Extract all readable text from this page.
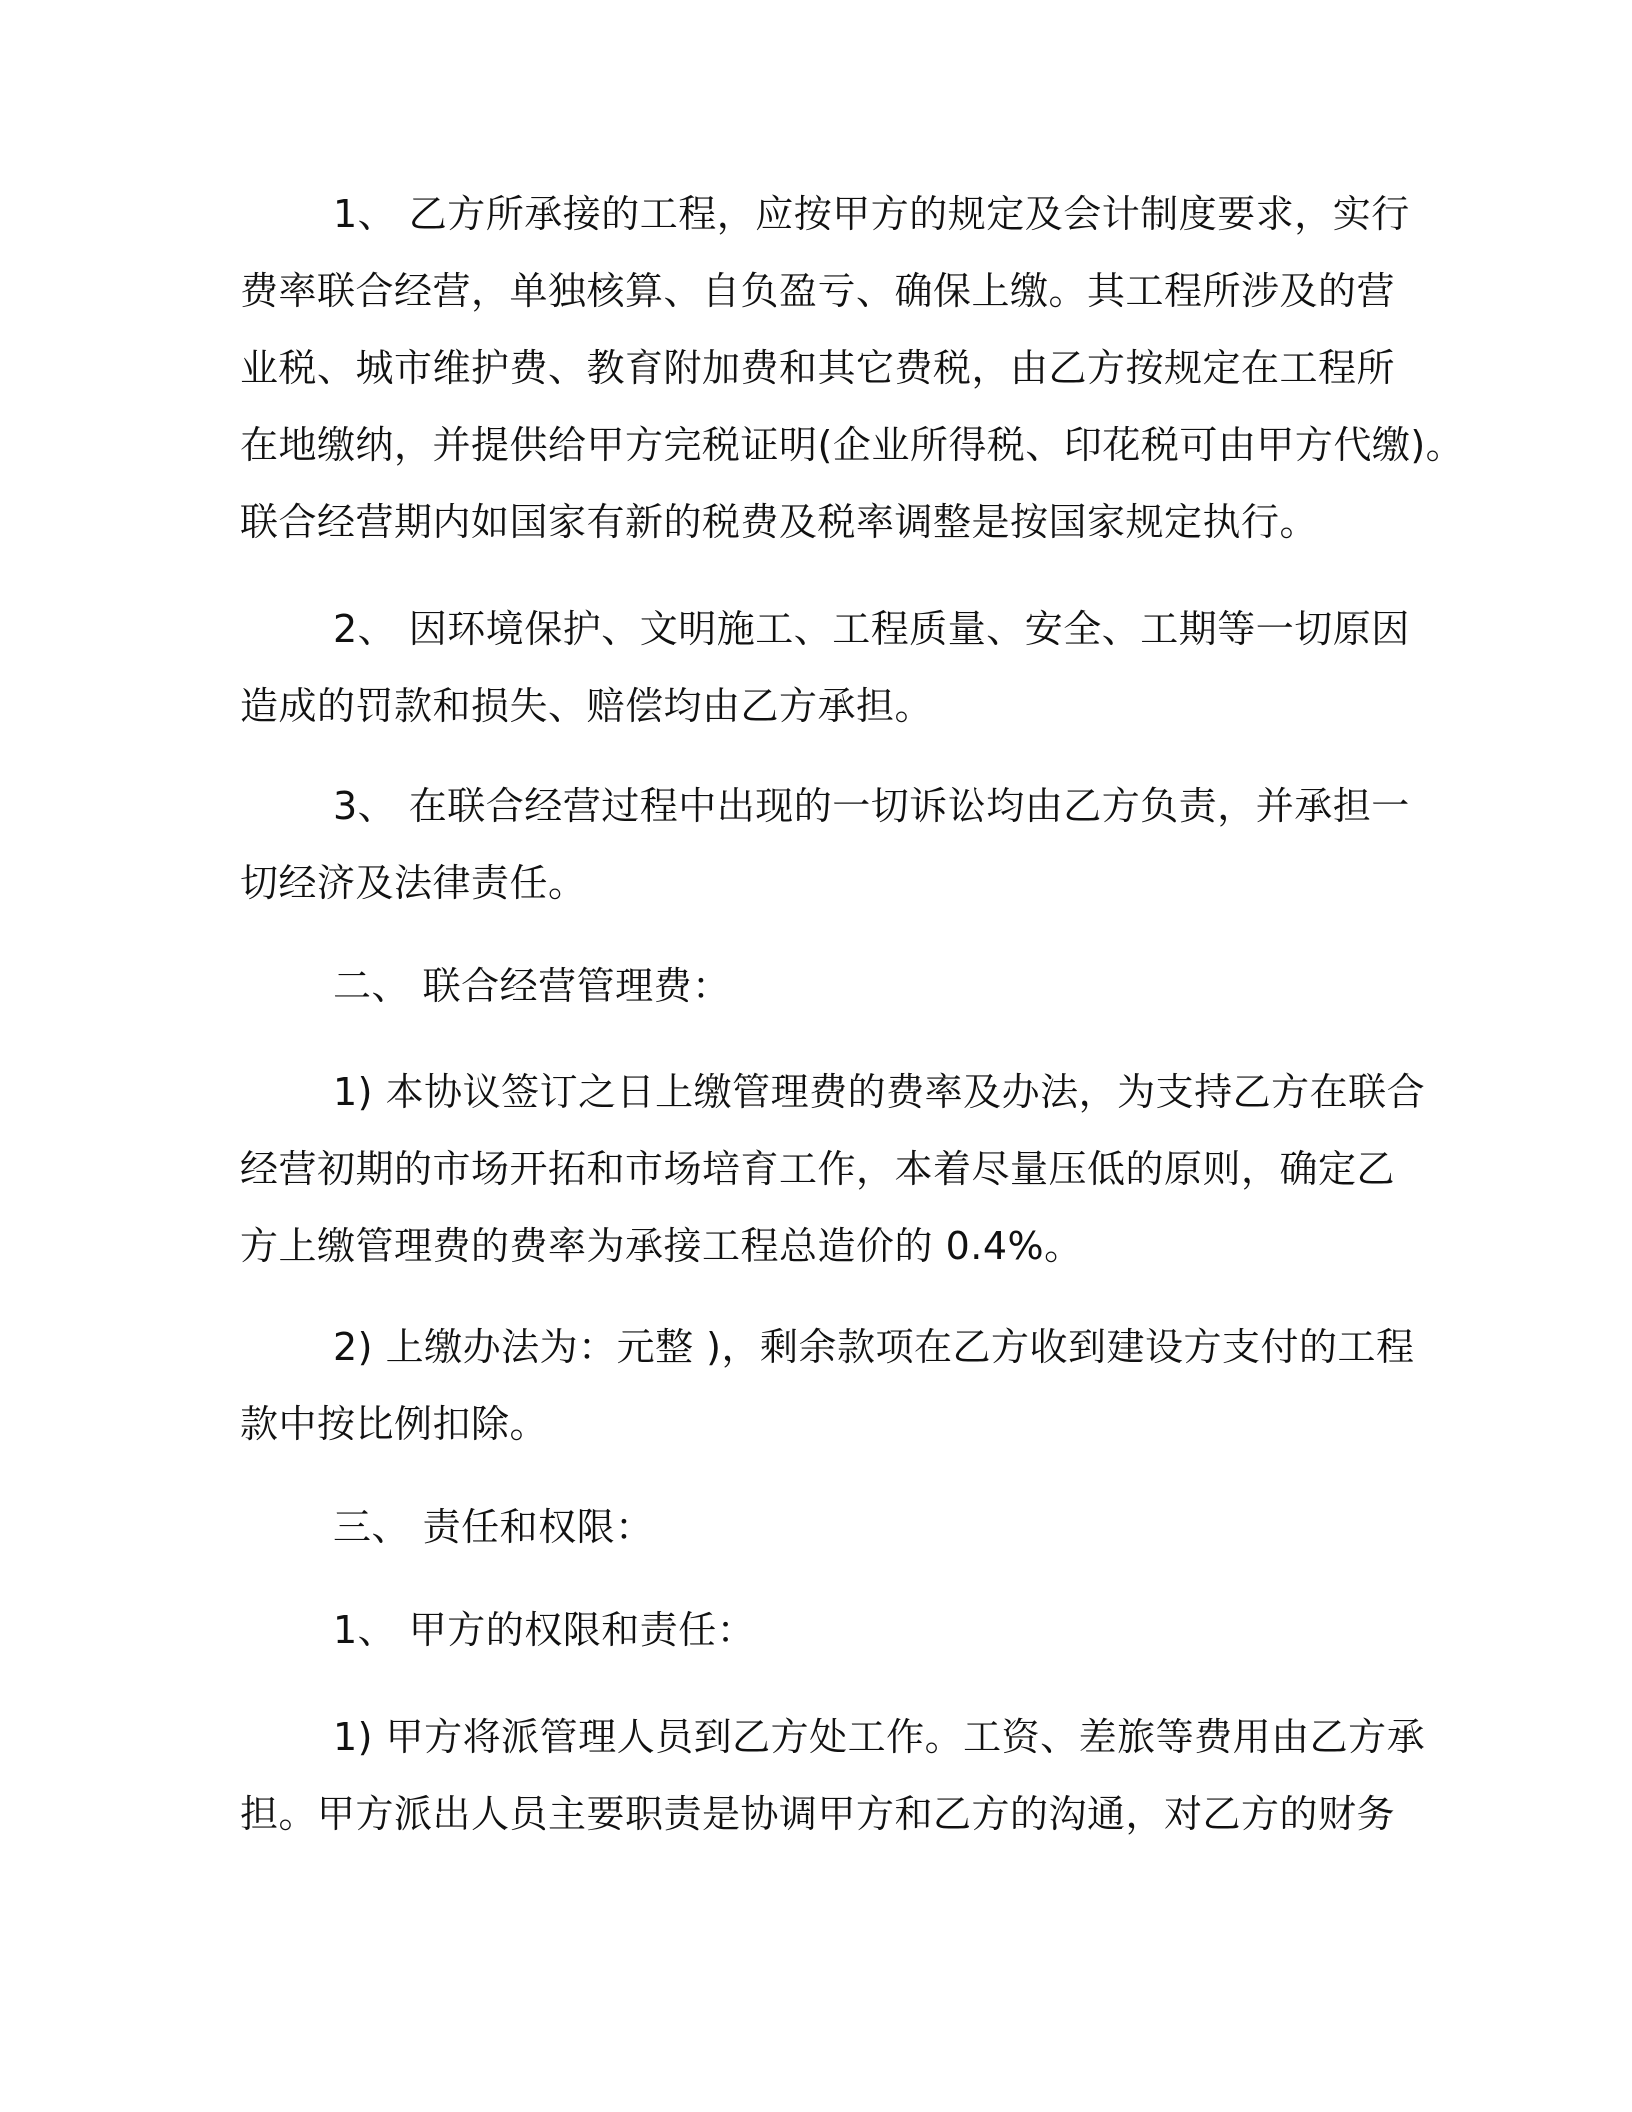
1、 乙方所承接的工程，应按甲方的规定及会计制度要求，实行

费率联合经营，单独核算、自负盈亏、确保上缴。其工程所涉及的营

业税、城市维护费、教育附加费和其它费税，由乙方按规定在工程所

在地缴纳，并提供给甲方完税证明(企业所得税、印花税可由甲方代缴)。

联合经营期内如国家有新的税费及税率调整是按国家规定执行。

2、 因环境保护、文明施工、工程质量、安全、工期等一切原因

造成的罚款和损失、赔偿均由乙方承担。

3、 在联合经营过程中出现的一切诉讼均由乙方负责，并承担一

切经济及法律责任。

二、 联合经营管理费：

1) 本协议签订之日上缴管理费的费率及办法，为支持乙方在联合

经营初期的市场开拓和市场培育工作，本着尽量压低的原则，确定乙

方上缴管理费的费率为承接工程总造价的 0.4%。

2) 上缴办法为：元整 )，剩余款项在乙方收到建设方支付的工程

款中按比例扣除。

三、 责任和权限：

1、 甲方的权限和责任：

1) 甲方将派管理人员到乙方处工作。工资、差旅等费用由乙方承

担。甲方派出人员主要职责是协调甲方和乙方的沟通，对乙方的财务
